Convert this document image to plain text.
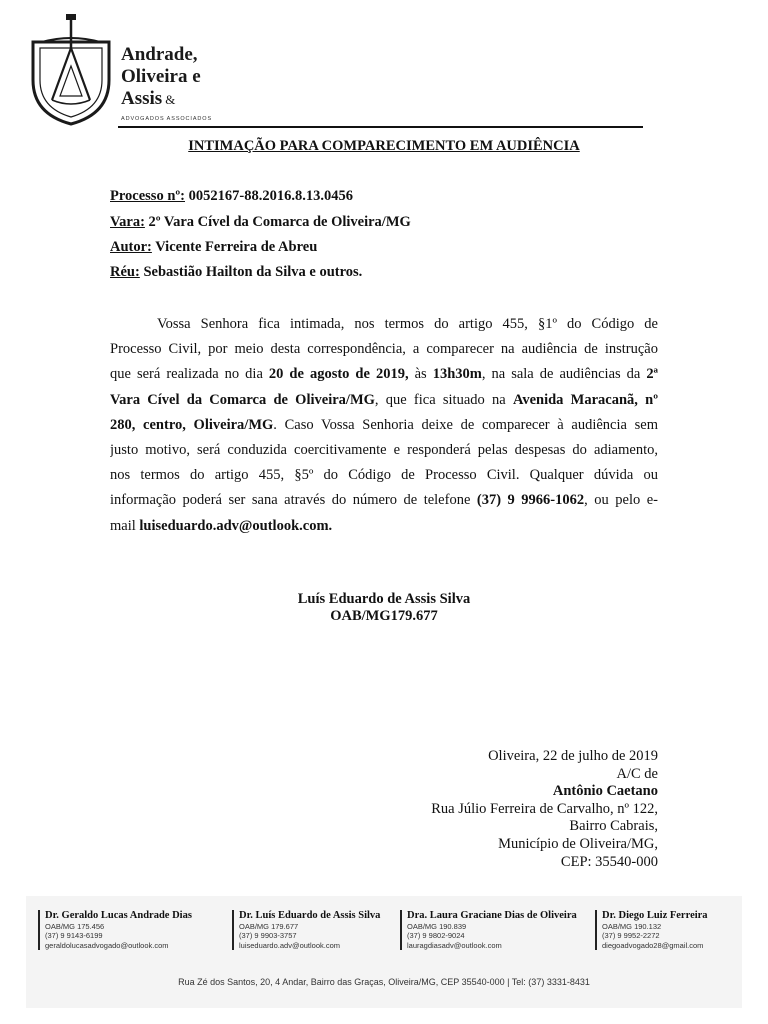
Andrade,
Oliveira e
Assis &
ADVOGADOS ASSOCIADOS
INTIMAÇÃO PARA COMPARECIMENTO EM AUDIÊNCIA
Processo nº: 0052167-88.2016.8.13.0456
Vara: 2º Vara Cível da Comarca de Oliveira/MG
Autor: Vicente Ferreira de Abreu
Réu: Sebastião Hailton da Silva e outros.
Vossa Senhora fica intimada, nos termos do artigo 455, §1º do Código de
Processo Civil, por meio desta correspondência, a comparecer na audiência de instrução
que será realizada no dia 20 de agosto de 2019, às 13h30m, na sala de audiências da 2ª
Vara Cível da Comarca de Oliveira/MG, que fica situado na Avenida Maracanã, nº
280, centro, Oliveira/MG. Caso Vossa Senhoria deixe de comparecer à audiência sem
justo motivo, será conduzida coercitivamente e responderá pelas despesas do adiamento,
nos termos do artigo 455, §5º do Código de Processo Civil. Qualquer dúvida ou
informação poderá ser sana através do número de telefone (37) 9 9966-1062, ou pelo e-
mail luiseduardo.adv@outlook.com.
Luís Eduardo de Assis Silva
OAB/MG179.677
Oliveira, 22 de julho de 2019
A/C de
Antônio Caetano
Rua Júlio Ferreira de Carvalho, nº 122,
Bairro Cabrais,
Município de Oliveira/MG,
CEP: 35540-000
Dr. Geraldo Lucas Andrade Dias
OAB/MG 175.456
(37) 9 9143-6199
geraldolucasadvogado@outlook.com
Dr. Luís Eduardo de Assis Silva
OAB/MG 179.677
(37) 9 9903-3757
luiseduardo.adv@outlook.com
Dra. Laura Graciane Dias de Oliveira
OAB/MG 190.839
(37) 9 9802-9024
lauragdiasadv@outlook.com
Dr. Diego Luiz Ferreira
OAB/MG 190.132
(37) 9 9952-2272
diegoadvogado28@gmail.com
Rua Zé dos Santos, 20, 4 Andar, Bairro das Graças, Oliveira/MG, CEP 35540-000 | Tel: (37) 3331-8431
